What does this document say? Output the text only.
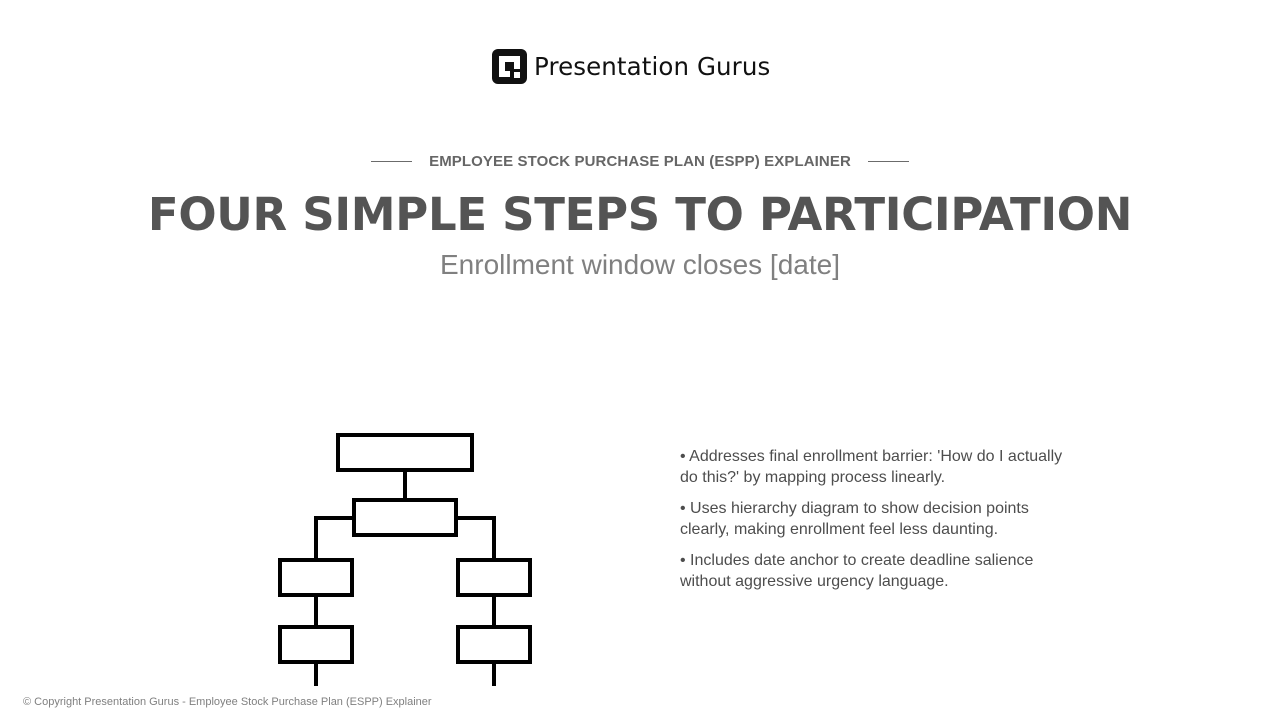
Presentation Gurus
EMPLOYEE STOCK PURCHASE PLAN (ESPP) EXPLAINER
FOUR SIMPLE STEPS TO PARTICIPATION
Enrollment window closes [date]
• Addresses final enrollment barrier: 'How do I actually do this?' by mapping process linearly.
• Uses hierarchy diagram to show decision points clearly, making enrollment feel less daunting.
• Includes date anchor to create deadline salience without aggressive urgency language.
© Copyright Presentation Gurus - Employee Stock Purchase Plan (ESPP) Explainer
